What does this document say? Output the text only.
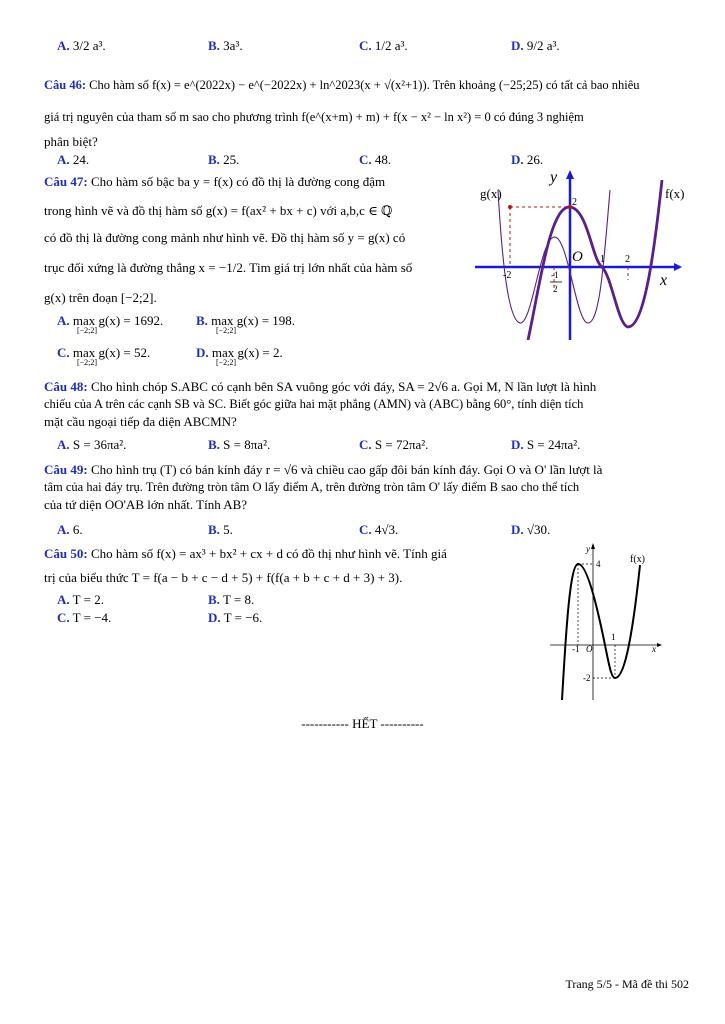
A. 3/2 a³.	B. 3a³.	C. 1/2 a³.	D. 9/2 a³.
Câu 46: Cho hàm số f(x) = e^(2022x) − e^(−2022x) + ln^2023(x + √(x²+1)). Trên khoảng (−25;25) có tất cả bao nhiêu
giá trị nguyên của tham số m sao cho phương trình f(e^(x+m) + m) + f(x − x² − ln x²) = 0 có đúng 3 nghiệm
phân biệt?
A. 24.	B. 25.	C. 48.	D. 26.
Câu 47: Cho hàm số bậc ba y = f(x) có đồ thị là đường cong đậm
trong hình vẽ và đồ thị hàm số g(x) = f(ax² + bx + c) với a,b,c ∈ ℚ
có đồ thị là đường cong mảnh như hình vẽ. Đồ thị hàm số y = g(x) có
trục đối xứng là đường thẳng x = −1/2. Tìm giá trị lớn nhất của hàm số
g(x) trên đoạn [−2;2].
A. max g(x) = 1692.
[−2;2]
B. max g(x) = 198.
[−2;2]
C. max g(x) = 52.
[−2;2]
D. max g(x) = 2.
[−2;2]
g(x)	f(x)
y
x
O
2
1 2
-2	-1
2
Câu 48: Cho hình chóp S.ABC có cạnh bên SA vuông góc với đáy, SA = 2√6 a. Gọi M, N lần lượt là hình
chiếu của A trên các cạnh SB và SC. Biết góc giữa hai mặt phẳng (AMN) và (ABC) bằng 60°, tính diện tích
mặt cầu ngoại tiếp đa diện ABCMN?
A. S = 36πa².	B. S = 8πa².	C. S = 72πa².	D. S = 24πa².
Câu 49: Cho hình trụ (T) có bán kính đáy r = √6 và chiều cao gấp đôi bán kính đáy. Gọi O và O' lần lượt là
tâm của hai đáy trụ. Trên đường tròn tâm O lấy điểm A, trên đường tròn tâm O' lấy điểm B sao cho thể tích
của tứ diện OO'AB lớn nhất. Tính AB?
A. 6.	B. 5.	C. 4√3.	D. √30.
Câu 50: Cho hàm số f(x) = ax³ + bx² + cx + d có đồ thị như hình vẽ. Tính giá
trị của biểu thức T = f(a − b + c − d + 5) + f(f(a + b + c + d + 3) + 3).
A. T = 2.	B. T = 8.
C. T = −4.	D. T = −6.
y
f(x)
4
1
x
-1 O
-2
----------- HẾT ----------
Trang 5/5 - Mã đề thi 502
